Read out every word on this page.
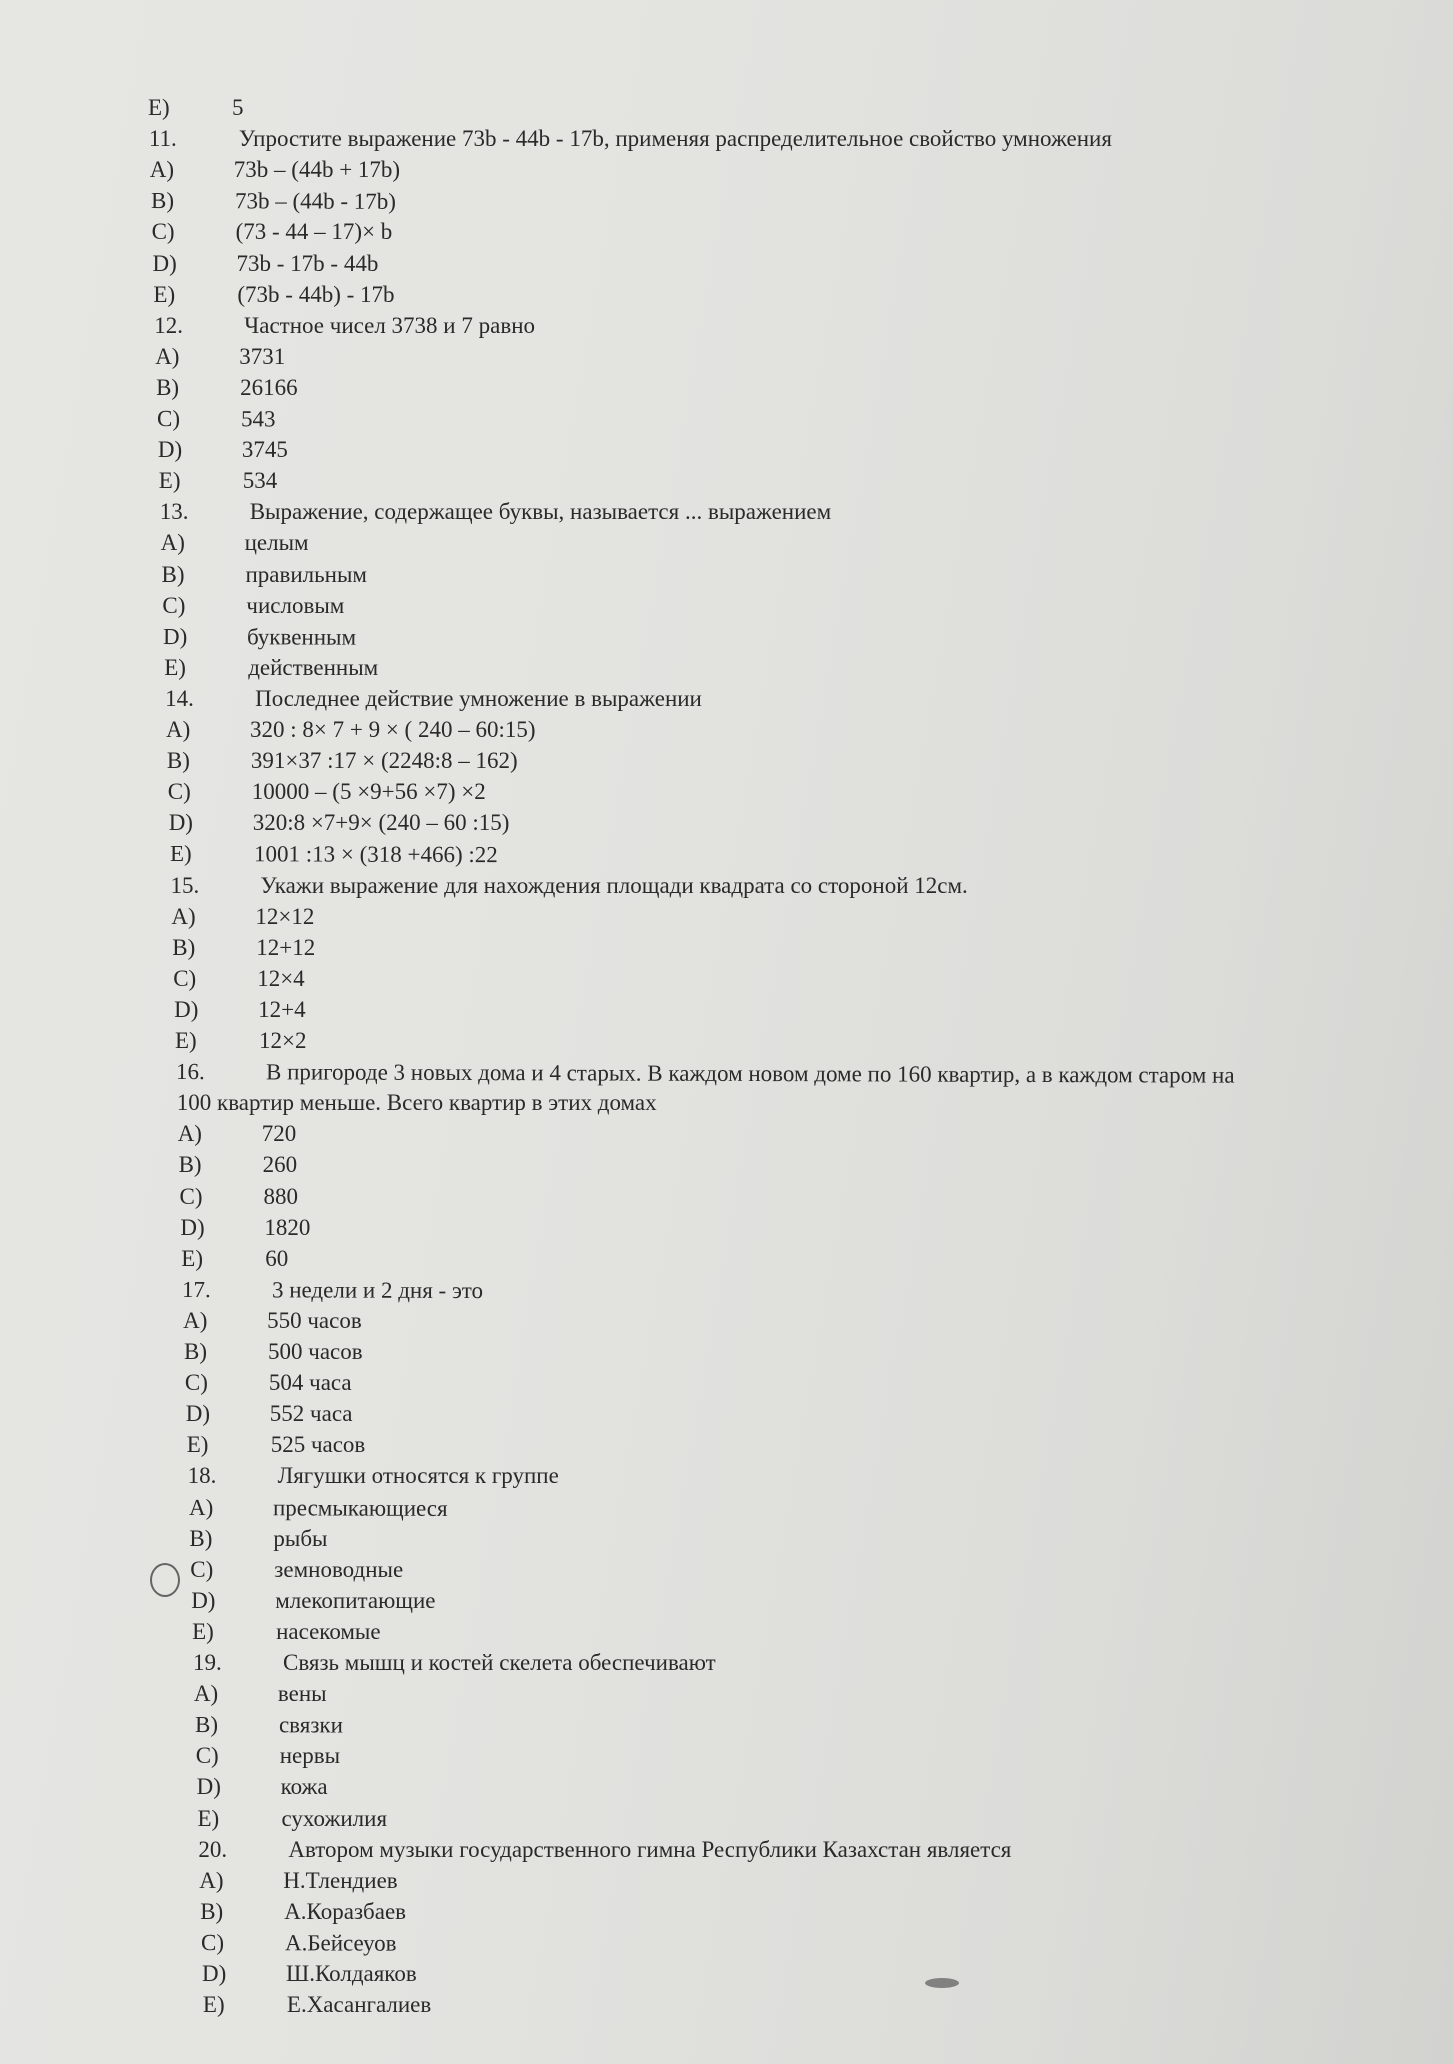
E)	5
11.	Упростите выражение 73b - 44b - 17b, применяя распределительное свойство умножения
A)	73b – (44b + 17b)
B)	73b – (44b - 17b)
C)	(73 - 44 – 17)× b
D)	73b - 17b - 44b
E)	(73b - 44b) - 17b
12.	Частное чисел 3738 и 7 равно
A)	3731
B)	26166
C)	543
D)	3745
E)	534
13.	Выражение, содержащее буквы, называется ... выражением
A)	целым
B)	правильным
C)	числовым
D)	буквенным
E)	действенным
14.	Последнее действие умножение в выражении
A)	320 : 8× 7 + 9 × ( 240 – 60:15)
B)	391×37 :17 × (2248:8 – 162)
C)	10000 – (5 ×9+56 ×7) ×2
D)	320:8 ×7+9× (240 – 60 :15)
E)	1001 :13 × (318 +466) :22
15.	Укажи выражение для нахождения площади квадрата со стороной 12см.
A)	12×12
B)	12+12
C)	12×4
D)	12+4
E)	12×2
16.	В пригороде 3 новых дома и 4 старых. В каждом новом доме по 160 квартир, а в каждом старом на
100 квартир меньше. Всего квартир в этих домах
A)	720
B)	260
C)	880
D)	1820
E)	60
17.	3 недели и 2 дня - это
A)	550 часов
B)	500 часов
C)	504 часа
D)	552 часа
E)	525 часов
18.	Лягушки относятся к группе
A)	пресмыкающиеся
B)	рыбы
C)	земноводные
D)	млекопитающие
E)	насекомые
19.	Связь мышц и костей скелета обеспечивают
A)	вены
B)	связки
C)	нервы
D)	кожа
E)	сухожилия
20.	Автором музыки государственного гимна Республики Казахстан является
A)	Н.Тлендиев
B)	А.Коразбаев
C)	А.Бейсеуов
D)	Ш.Колдаяков
E)	Е.Хасангалиев
